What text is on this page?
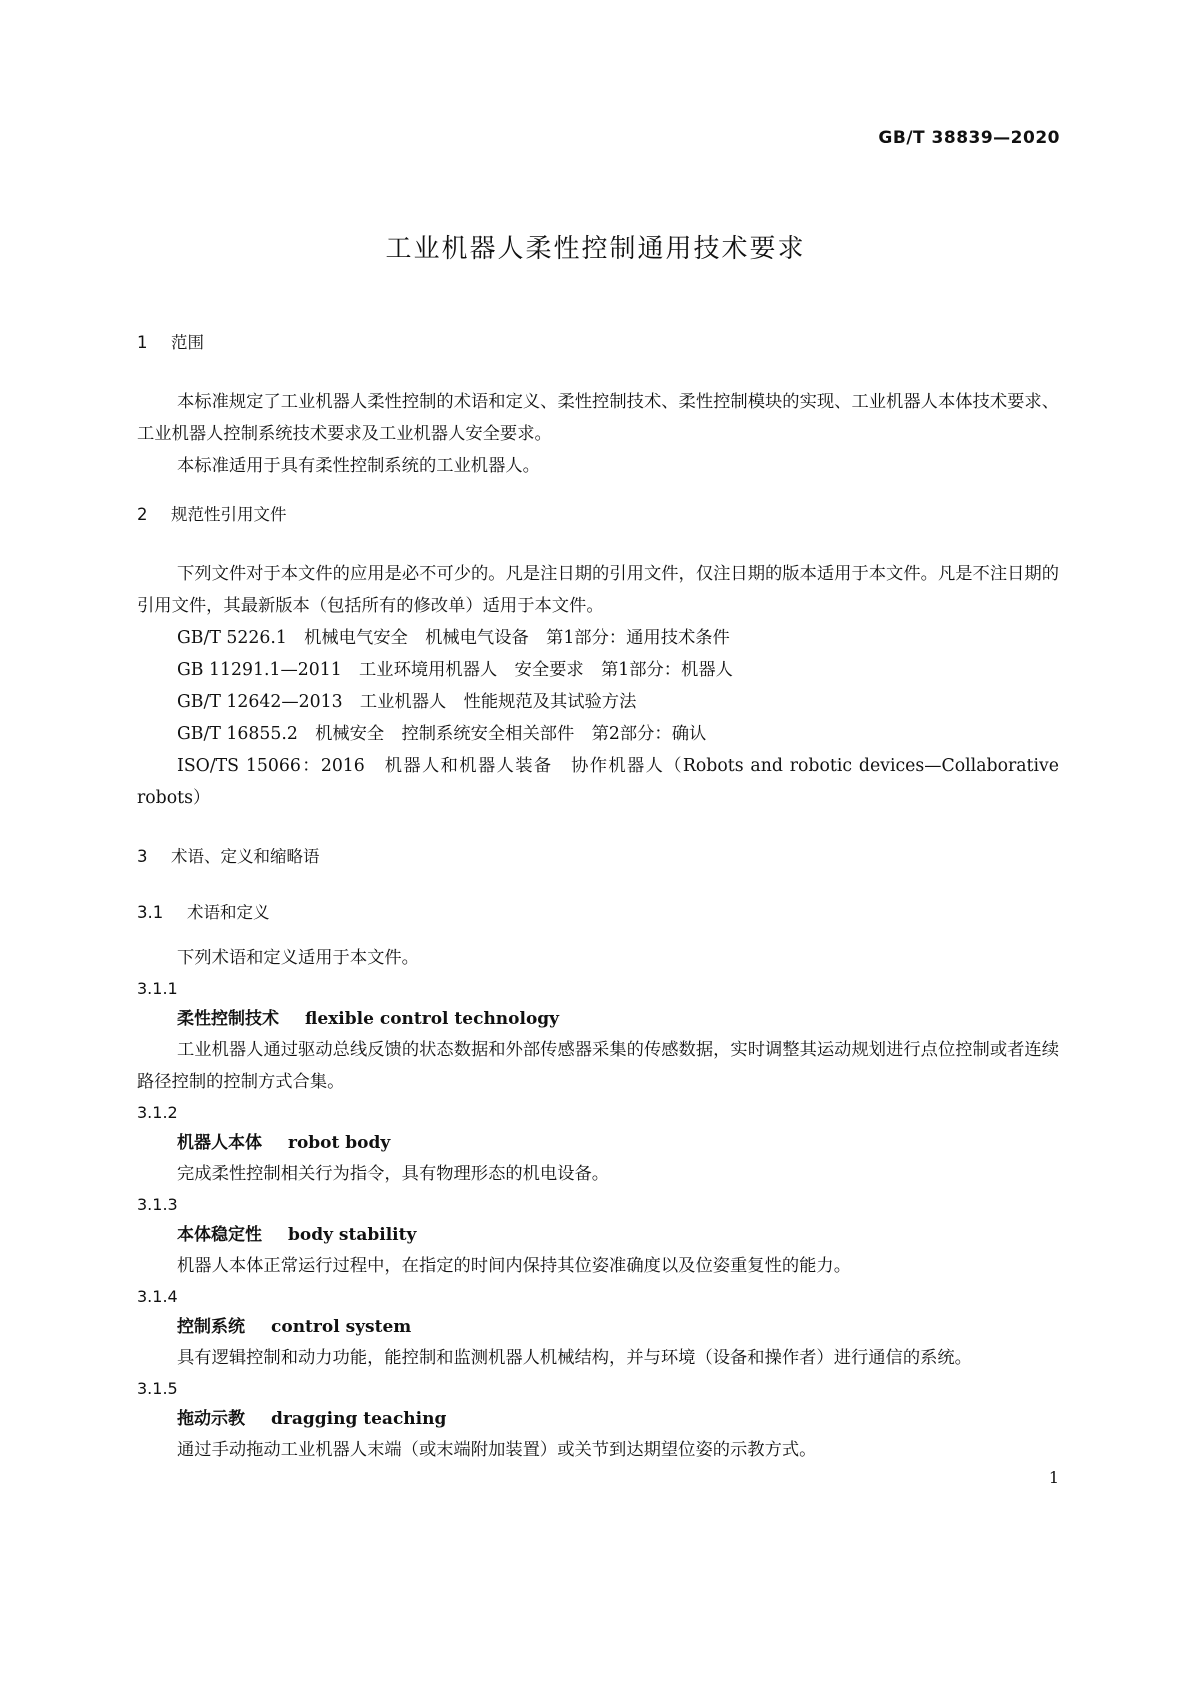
GB/T 38839—2020
工业机器人柔性控制通用技术要求
1 范围

本标准规定了工业机器人柔性控制的术语和定义、柔性控制技术、柔性控制模块的实现、工业机器人本体技术要求、工业机器人控制系统技术要求及工业机器人安全要求。

本标准适用于具有柔性控制系统的工业机器人。

2 规范性引用文件

下列文件对于本文件的应用是必不可少的。凡是注日期的引用文件，仅注日期的版本适用于本文件。凡是不注日期的引用文件，其最新版本（包括所有的修改单）适用于本文件。

GB/T 5226.1　机械电气安全　机械电气设备　第1部分：通用技术条件

GB 11291.1—2011　工业环境用机器人　安全要求　第1部分：机器人

GB/T 12642—2013　工业机器人　性能规范及其试验方法

GB/T 16855.2　机械安全　控制系统安全相关部件　第2部分：确认

ISO/TS 15066：2016　机器人和机器人装备　协作机器人（Robots and robotic devices—Collaborative robots）

3 术语、定义和缩略语
3.1 术语和定义

下列术语和定义适用于本文件。

3.1.1
柔性控制技术 flexible control technology

工业机器人通过驱动总线反馈的状态数据和外部传感器采集的传感数据，实时调整其运动规划进行点位控制或者连续路径控制的控制方式合集。

3.1.2
机器人本体 robot body

完成柔性控制相关行为指令，具有物理形态的机电设备。

3.1.3
本体稳定性 body stability

机器人本体正常运行过程中，在指定的时间内保持其位姿准确度以及位姿重复性的能力。

3.1.4
控制系统 control system

具有逻辑控制和动力功能，能控制和监测机器人机械结构，并与环境（设备和操作者）进行通信的系统。

3.1.5
拖动示教 dragging teaching

通过手动拖动工业机器人末端（或末端附加装置）或关节到达期望位姿的示教方式。

1
